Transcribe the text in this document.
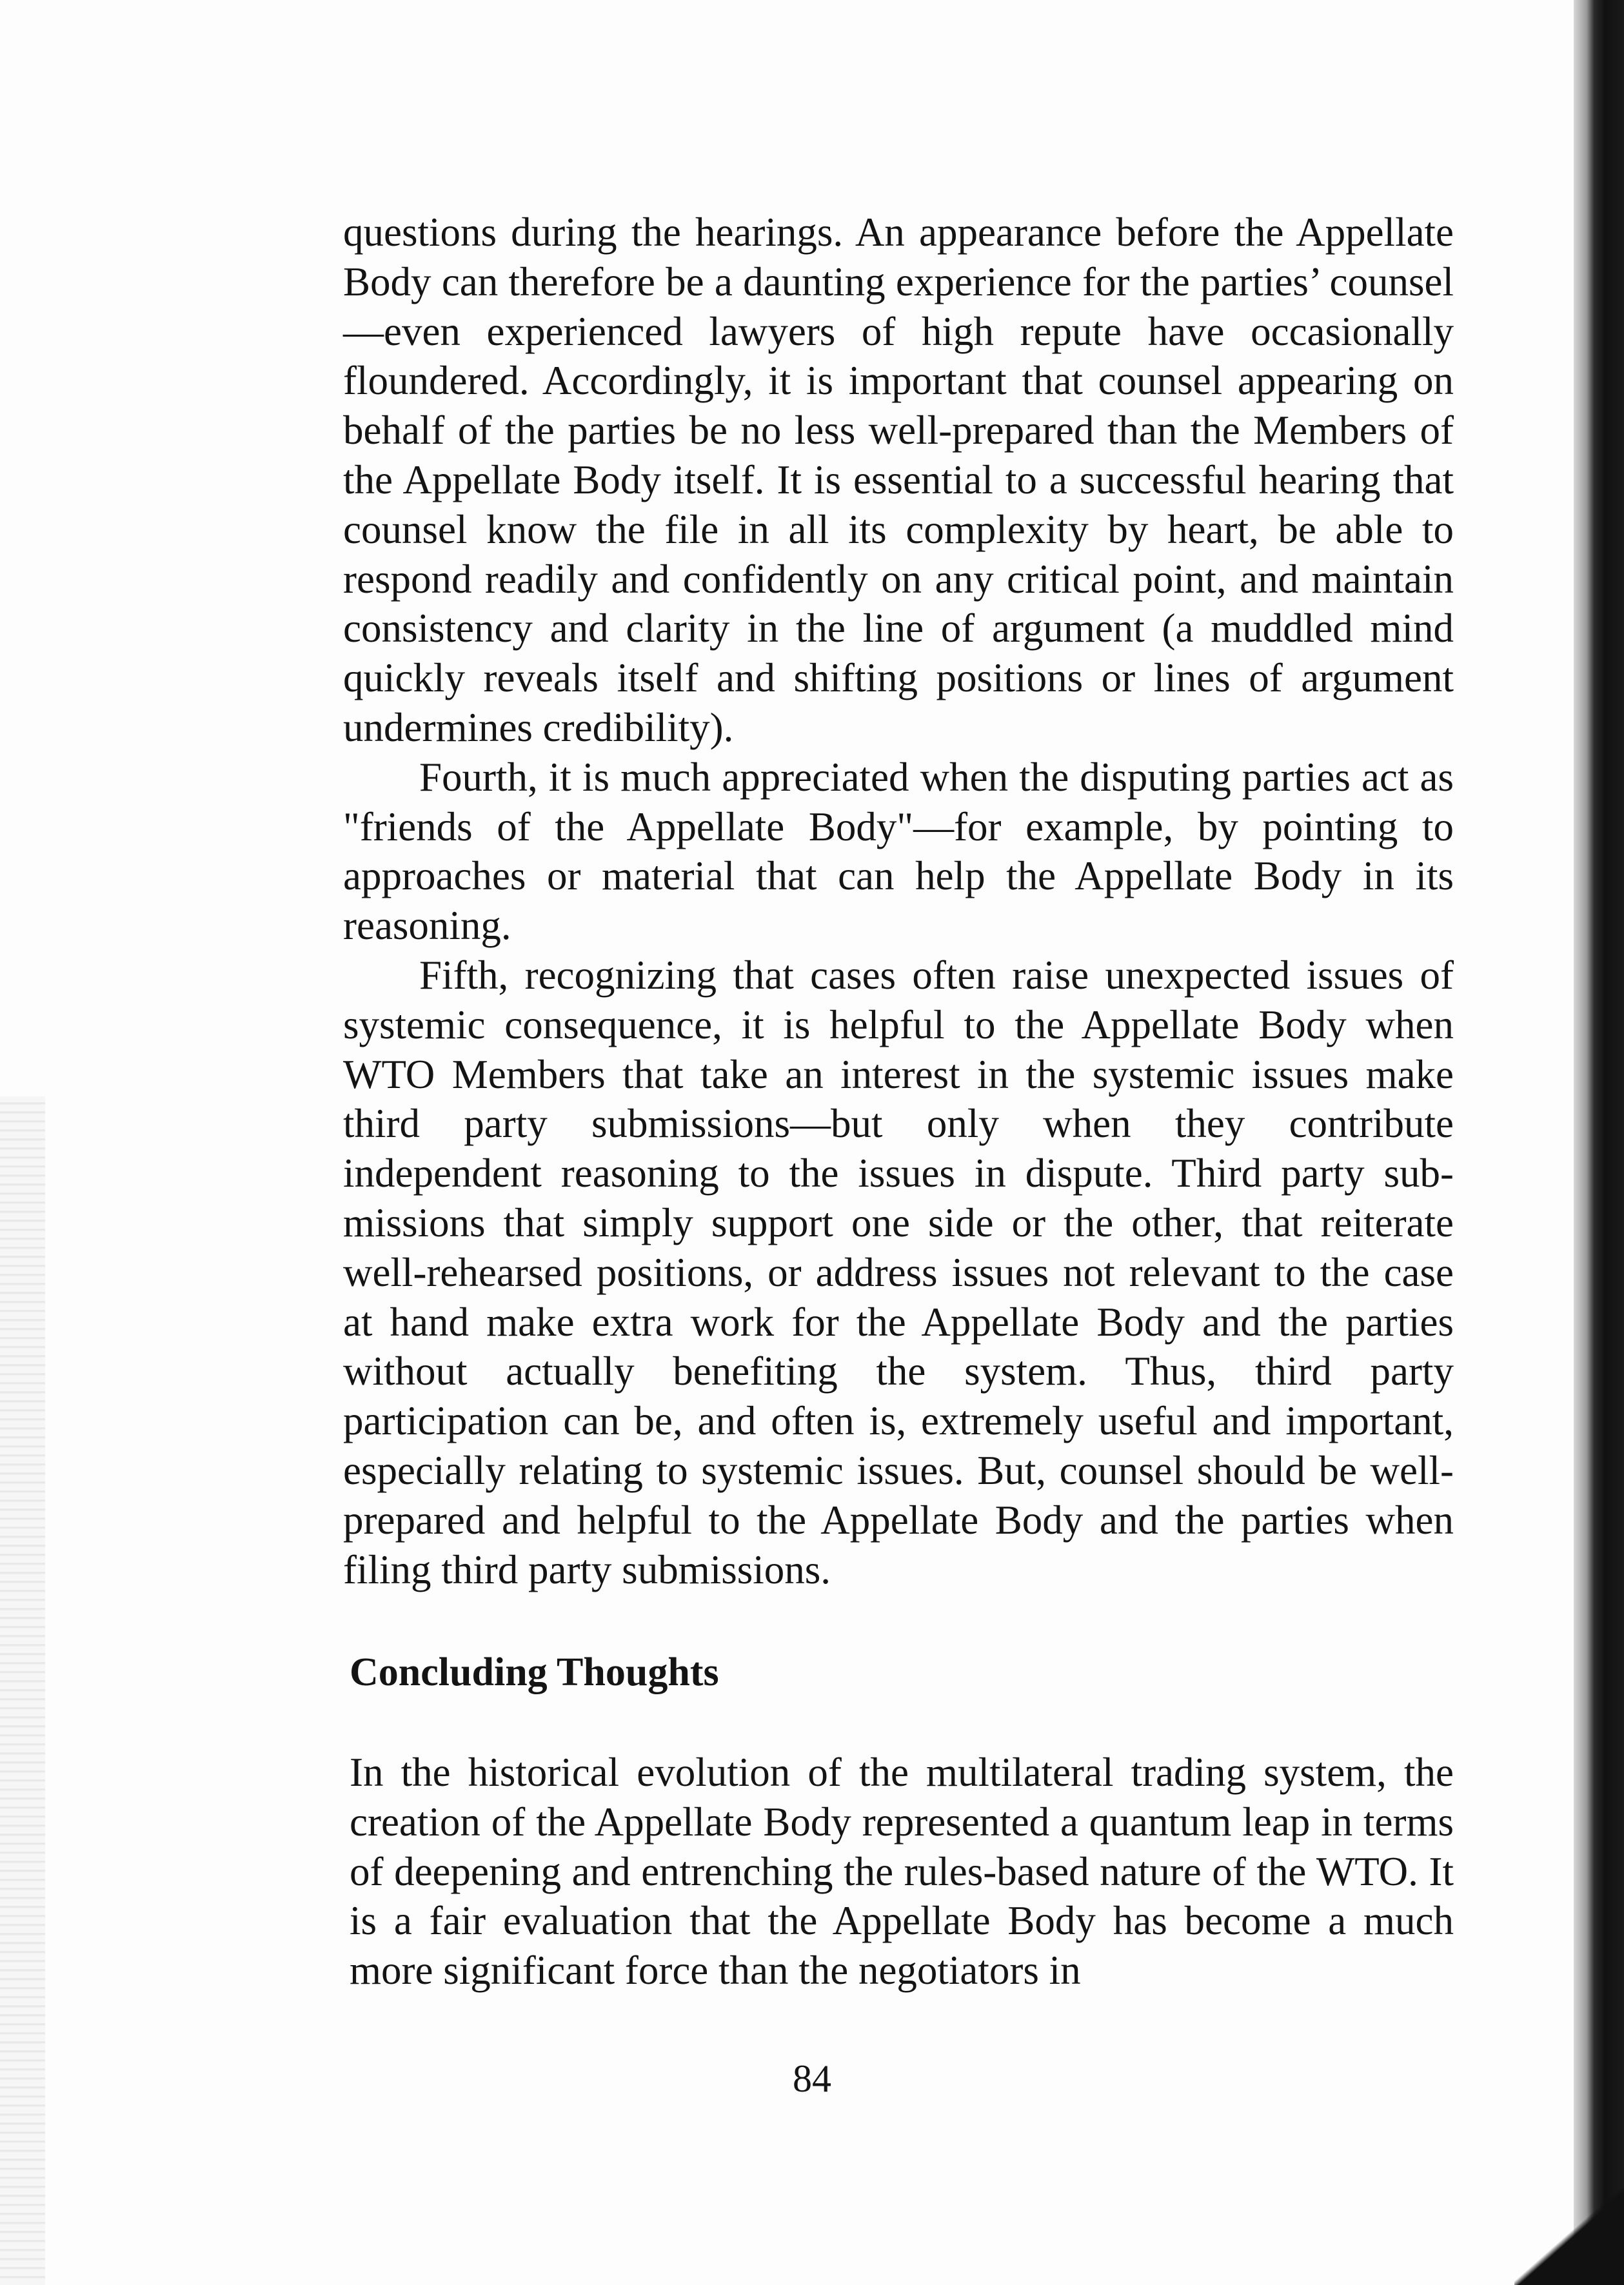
questions during the hearings. An appearance before the Appellate Body can therefore be a daunting experience for the parties’ counsel—even experienced lawyers of high repute have occasionally floundered. Accordingly, it is important that counsel appearing on behalf of the parties be no less well-prepared than the Members of the Appellate Body itself. It is essential to a successful hearing that counsel know the file in all its complexity by heart, be able to respond readily and confidently on any critical point, and maintain consistency and clarity in the line of argument (a muddled mind quickly reveals itself and shifting positions or lines of argument undermines credibility).

Fourth, it is much appreciated when the disputing parties act as "friends of the Appellate Body"—for example, by pointing to approaches or material that can help the Appellate Body in its reasoning.

Fifth, recognizing that cases often raise unexpected issues of systemic consequence, it is helpful to the Appellate Body when WTO Members that take an interest in the systemic issues make third party submissions—but only when they contribute independent reasoning to the issues in dispute. Third party submissions that simply support one side or the other, that reiterate well-rehearsed positions, or address issues not relevant to the case at hand make extra work for the Appellate Body and the parties without actually benefiting the system. Thus, third party participation can be, and often is, extremely useful and important, especially relating to systemic issues. But, counsel should be well-prepared and helpful to the Appellate Body and the parties when filing third party submissions.

Concluding Thoughts

In the historical evolution of the multilateral trading system, the creation of the Appellate Body represented a quantum leap in terms of deepening and entrenching the rules-based nature of the WTO. It is a fair evaluation that the Appellate Body has become a much more significant force than the negotiators in

84
